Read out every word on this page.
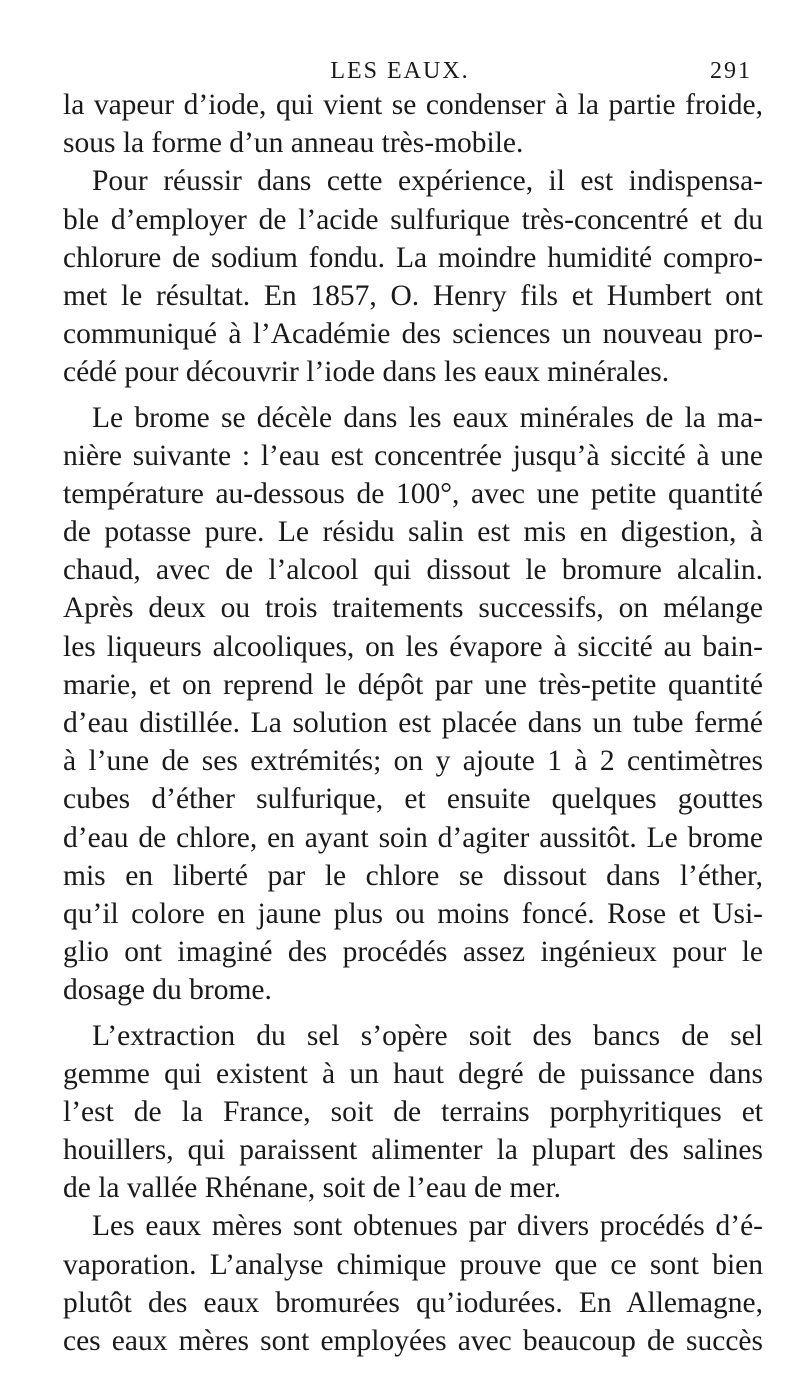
LES EAUX.	291
la vapeur d’iode, qui vient se condenser à la partie froide,
sous la forme d’un anneau très-mobile.
Pour réussir dans cette expérience, il est indispensa-
ble d’employer de l’acide sulfurique très-concentré et du
chlorure de sodium fondu. La moindre humidité compro-
met le résultat. En 1857, O. Henry fils et Humbert ont
communiqué à l’Académie des sciences un nouveau pro-
cédé pour découvrir l’iode dans les eaux minérales.
Le brome se décèle dans les eaux minérales de la ma-
nière suivante : l’eau est concentrée jusqu’à siccité à une
température au-dessous de 100°, avec une petite quantité
de potasse pure. Le résidu salin est mis en digestion, à
chaud, avec de l’alcool qui dissout le bromure alcalin.
Après deux ou trois traitements successifs, on mélange
les liqueurs alcooliques, on les évapore à siccité au bain-
marie, et on reprend le dépôt par une très-petite quantité
d’eau distillée. La solution est placée dans un tube fermé
à l’une de ses extrémités; on y ajoute 1 à 2 centimètres
cubes d’éther sulfurique, et ensuite quelques gouttes
d’eau de chlore, en ayant soin d’agiter aussitôt. Le brome
mis en liberté par le chlore se dissout dans l’éther,
qu’il colore en jaune plus ou moins foncé. Rose et Usi-
glio ont imaginé des procédés assez ingénieux pour le
dosage du brome.
L’extraction du sel s’opère soit des bancs de sel
gemme qui existent à un haut degré de puissance dans
l’est de la France, soit de terrains porphyritiques et
houillers, qui paraissent alimenter la plupart des salines
de la vallée Rhénane, soit de l’eau de mer.
Les eaux mères sont obtenues par divers procédés d’é-
vaporation. L’analyse chimique prouve que ce sont bien
plutôt des eaux bromurées qu’iodurées. En Allemagne,
ces eaux mères sont employées avec beaucoup de succès
